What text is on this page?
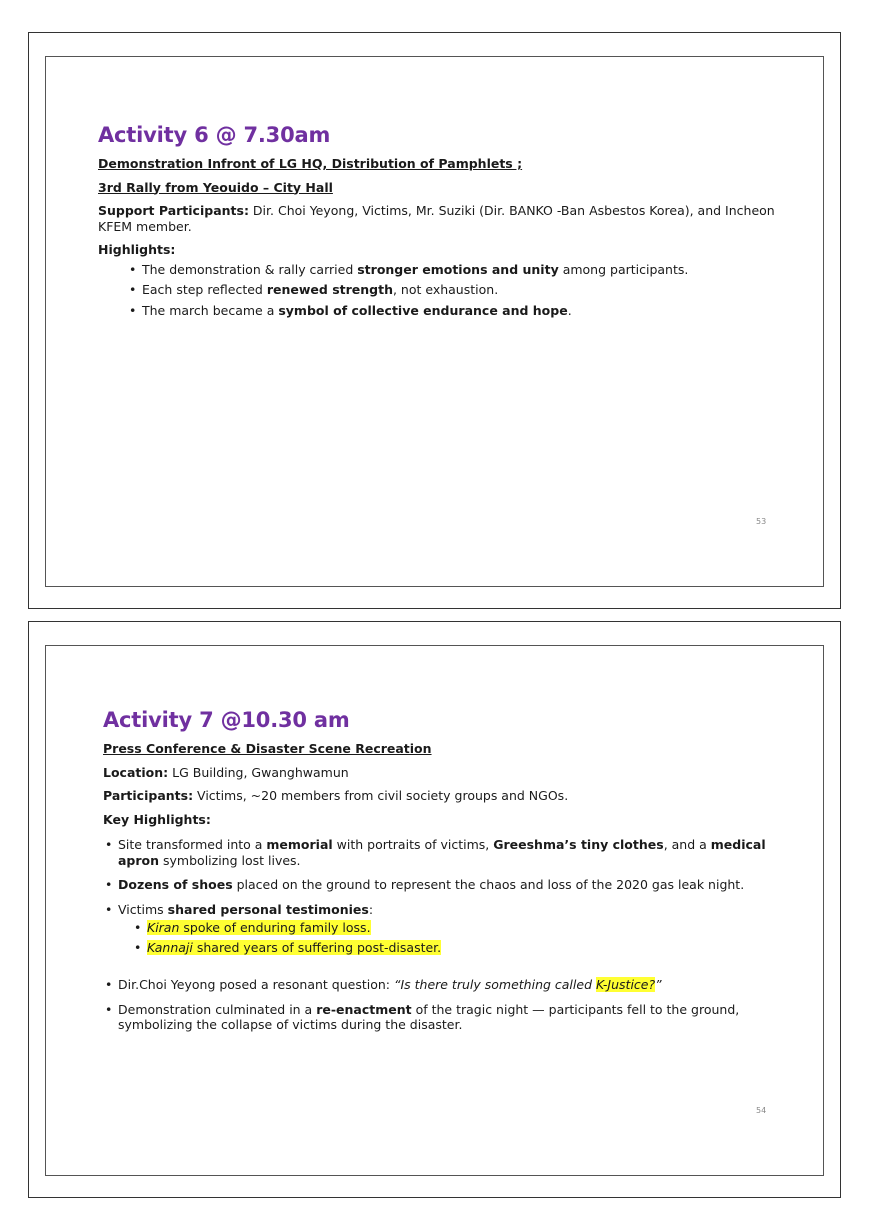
Activity 6 @ 7.30am

Demonstration Infront of LG HQ, Distribution of Pamphlets ;

3rd Rally from Yeouido – City Hall

Support Participants: Dir. Choi Yeyong, Victims, Mr. Suziki (Dir. BANKO -Ban Asbestos Korea), and Incheon KFEM member.

Highlights:

• The demonstration & rally carried stronger emotions and unity among participants.
• Each step reflected renewed strength, not exhaustion.
• The march became a symbol of collective endurance and hope.
53
Activity 7 @10.30 am

Press Conference & Disaster Scene Recreation

Location: LG Building, Gwanghwamun

Participants: Victims, ~20 members from civil society groups and NGOs.

Key Highlights:

• Site transformed into a memorial with portraits of victims, Greeshma’s tiny clothes, and a medical apron symbolizing lost lives.
• Dozens of shoes placed on the ground to represent the chaos and loss of the 2020 gas leak night.
• Victims shared personal testimonies:
• Kiran spoke of enduring family loss.
• Kannaji shared years of suffering post-disaster.
• Dir.Choi Yeyong posed a resonant question: “Is there truly something called K-Justice?”
• Demonstration culminated in a re-enactment of the tragic night — participants fell to the ground, symbolizing the collapse of victims during the disaster.
54
